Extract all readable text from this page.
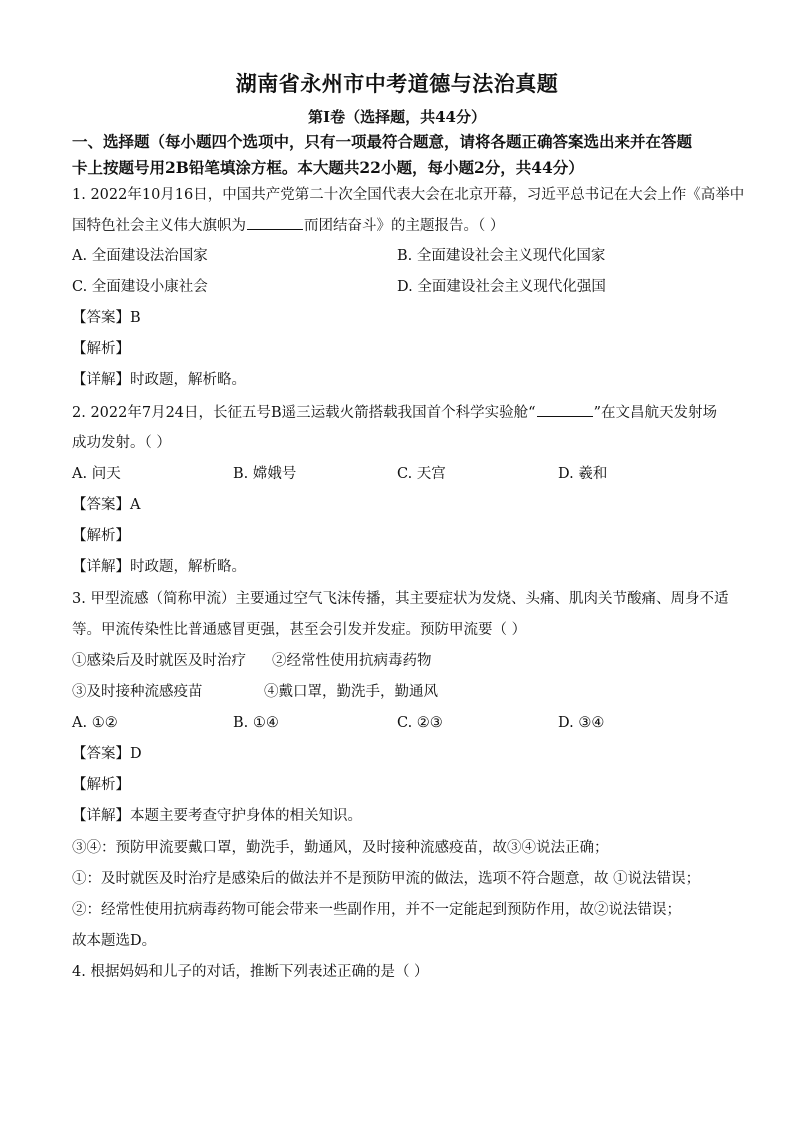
湖南省永州市中考道德与法治真题
第I卷（选择题，共44分）
一、选择题（每小题四个选项中，只有一项最符合题意，请将各题正确答案选出来并在答题
卡上按题号用2B铅笔填涂方框。本大题共22小题，每小题2分，共44分）
1. 2022年10月16日，中国共产党第二十次全国代表大会在北京开幕，习近平总书记在大会上作《高举中
国特色社会主义伟大旗帜为	而团结奋斗》的主题报告。（ ）
A. 全面建设法治国家	B. 全面建设社会主义现代化国家
C. 全面建设小康社会	D. 全面建设社会主义现代化强国
【答案】B
【解析】
【详解】时政题，解析略。
2. 2022年7月24日，长征五号B遥三运载火箭搭载我国首个科学实验舱“	”在文昌航天发射场
成功发射。（ ）
A. 问天	B. 嫦娥号	C. 天宫	D. 羲和
【答案】A
【解析】
【详解】时政题，解析略。
3. 甲型流感（简称甲流）主要通过空气飞沫传播，其主要症状为发烧、头痛、肌肉关节酸痛、周身不适
等。甲流传染性比普通感冒更强，甚至会引发并发症。预防甲流要（ ）
①感染后及时就医及时治疗 ②经常性使用抗病毒药物
③及时接种流感疫苗	④戴口罩，勤洗手，勤通风
A. ①②	B. ①④	C. ②③	D. ③④
【答案】D
【解析】
【详解】本题主要考查守护身体的相关知识。
③④：预防甲流要戴口罩，勤洗手，勤通风，及时接种流感疫苗，故③④说法正确；
①：及时就医及时治疗是感染后的做法并不是预防甲流的做法，选项不符合题意，故 ①说法错误；
②：经常性使用抗病毒药物可能会带来一些副作用，并不一定能起到预防作用，故②说法错误；
故本题选D。
4. 根据妈妈和儿子的对话，推断下列表述正确的是（ ）
